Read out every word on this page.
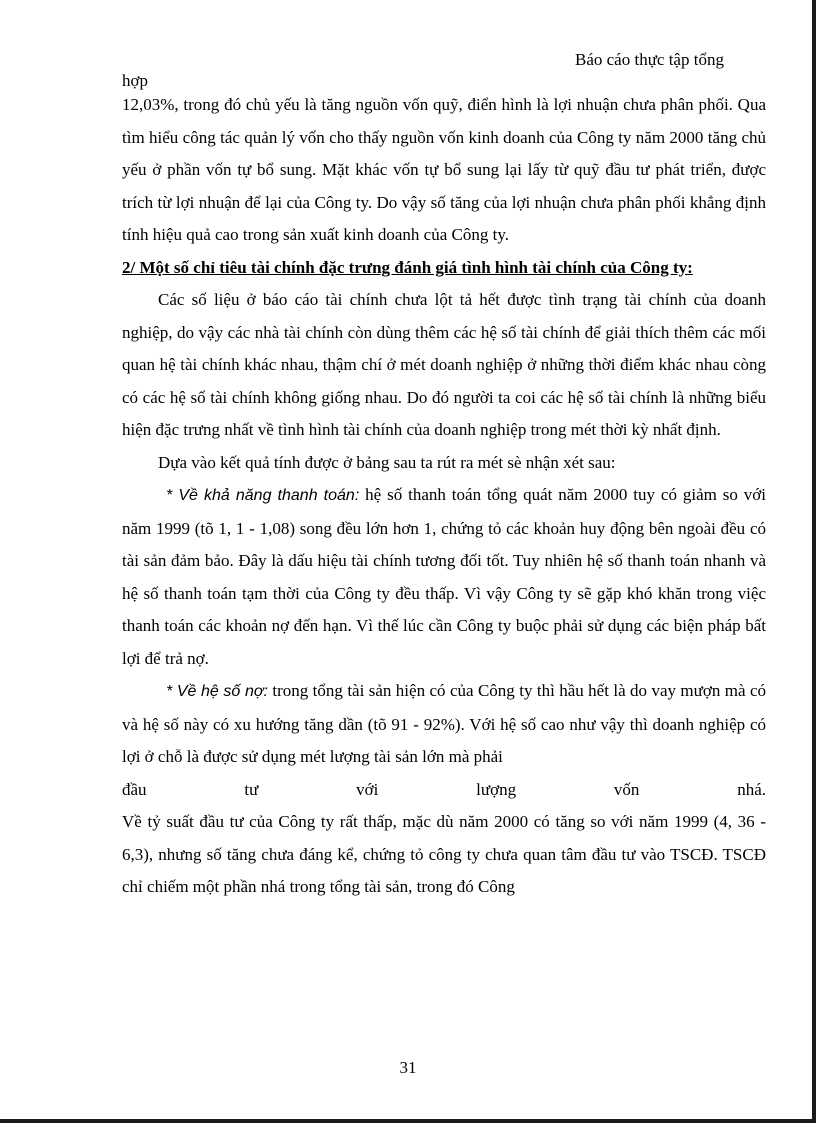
Báo cáo thực tập tổng
hợp

12,03%, trong đó chủ yếu là tăng nguồn vốn quỹ, điển hình là lợi nhuận chưa phân phối. Qua tìm hiểu công tác quản lý vốn cho thấy nguồn vốn kinh doanh của Công ty năm 2000 tăng chủ yếu ở phần vốn tự bổ sung. Mặt khác vốn tự bổ sung lại lấy từ quỹ đầu tư phát triển, được trích từ lợi nhuận để lại của Công ty. Do vậy số tăng của lợi nhuận chưa phân phối khẳng định tính hiệu quả cao trong sản xuất kinh doanh của Công ty.

2/ Một số chỉ tiêu tài chính đặc trưng đánh giá tình hình tài chính của Công ty:

Các số liệu ở báo cáo tài chính chưa lột tả hết được tình trạng tài chính của doanh nghiệp, do vậy các nhà tài chính còn dùng thêm các hệ số tài chính để giải thích thêm các mối quan hệ tài chính khác nhau, thậm chí ở mét doanh nghiệp ở những thời điểm khác nhau còng có các hệ số tài chính không giống nhau. Do đó người ta coi các hệ số tài chính là những biểu hiện đặc trưng nhất về tình hình tài chính của doanh nghiệp trong mét thời kỳ nhất định.

Dựa vào kết quả tính được ở bảng sau ta rút ra mét sè nhận xét sau:

* Về khả năng thanh toán: hệ số thanh toán tổng quát năm 2000 tuy có giảm so với năm 1999 (tõ 1, 1 - 1,08) song đều lớn hơn 1, chứng tỏ các khoản huy động bên ngoài đều có tài sản đảm bảo. Đây là dấu hiệu tài chính tương đối tốt. Tuy nhiên hệ số thanh toán nhanh và hệ số thanh toán tạm thời của Công ty đều thấp. Vì vậy Công ty sẽ gặp khó khăn trong việc thanh toán các khoản nợ đến hạn. Vì thế lúc cần Công ty buộc phải sử dụng các biện pháp bất lợi để trả nợ.

* Về hệ số nợ: trong tổng tài sản hiện có của Công ty thì hầu hết là do vay mượn mà có và hệ số này có xu hướng tăng dần (tõ 91 - 92%). Với hệ số cao như vậy thì doanh nghiệp có lợi ở chỗ là được sử dụng mét lượng tài sản lớn mà phải

đầu	tư	với	lượng	vốn	nhá.

Về tỷ suất đầu tư của Công ty rất thấp, mặc dù năm 2000 có tăng so với năm 1999 (4, 36 - 6,3), nhưng số tăng chưa đáng kể, chứng tỏ công ty chưa quan tâm đầu tư vào TSCĐ. TSCĐ chỉ chiếm một phần nhá trong tổng tài sản, trong đó Công

31
